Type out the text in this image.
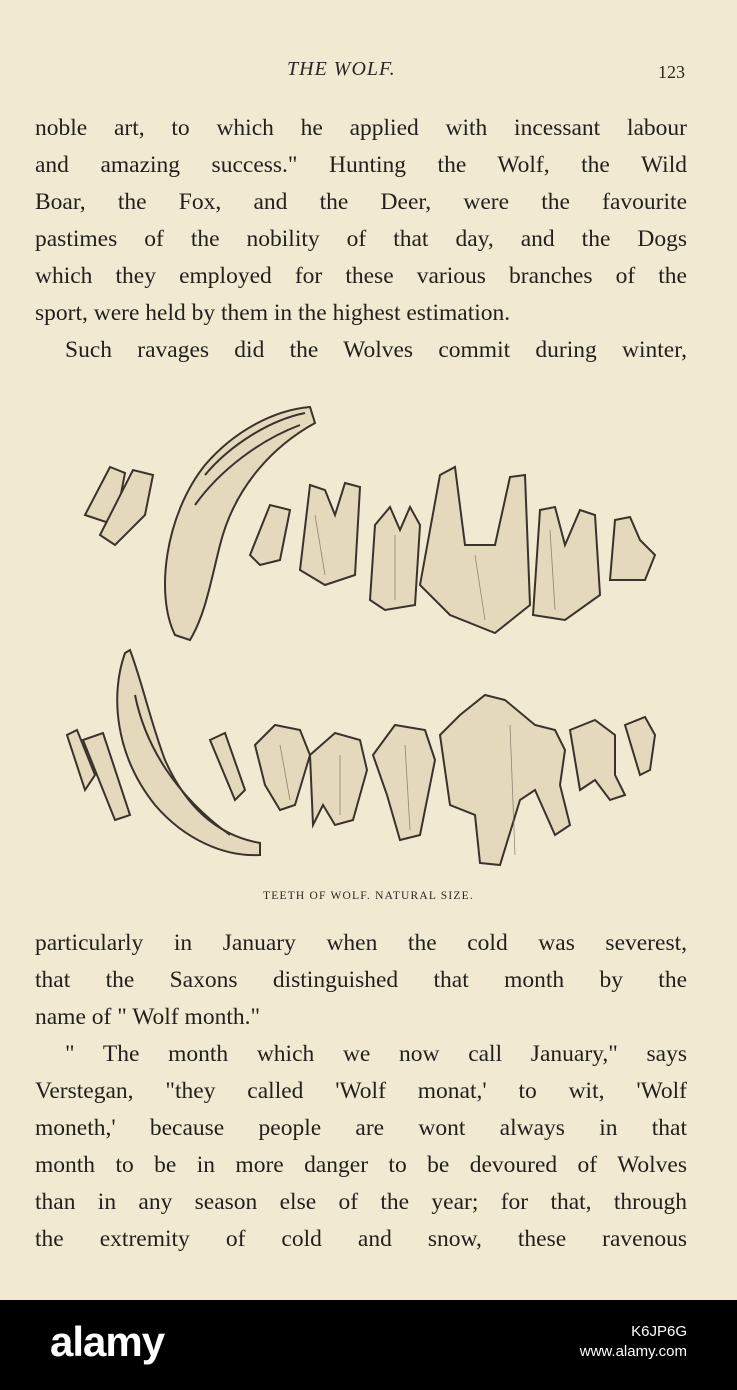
THE WOLF.	123
noble art, to which he applied with incessant labour
and amazing success." Hunting the Wolf, the Wild
Boar, the Fox, and the Deer, were the favourite
pastimes of the nobility of that day, and the Dogs
which they employed for these various branches of the
sport, were held by them in the highest estimation.
Such ravages did the Wolves commit during winter,
TEETH OF WOLF. NATURAL SIZE.
particularly in January when the cold was severest,
that the Saxons distinguished that month by the
name of " Wolf month."
" The month which we now call January," says
Verstegan, "they called 'Wolf monat,' to wit, 'Wolf
moneth,' because people are wont always in that
month to be in more danger to be devoured of Wolves
than in any season else of the year; for that, through
the extremity of cold and snow, these ravenous
alamy	K6JP6G
www.alamy.com
